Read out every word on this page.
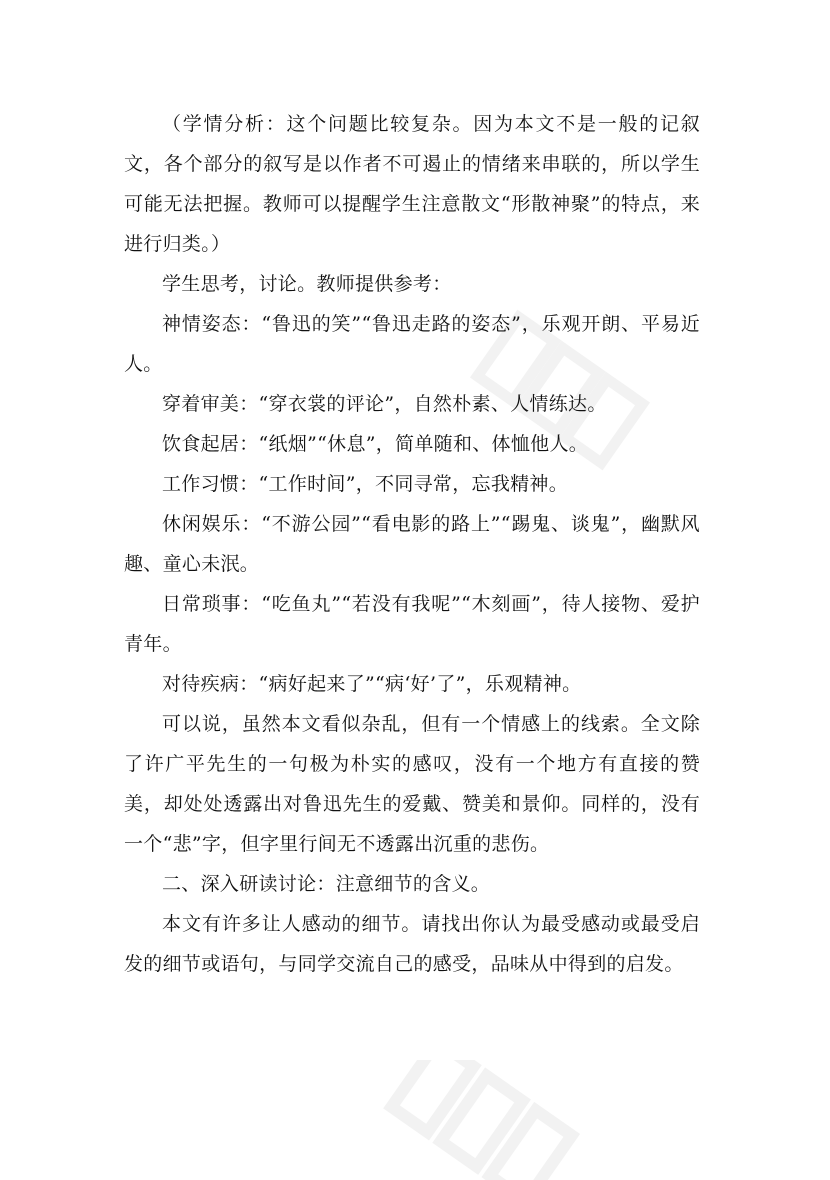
（学情分析：这个问题比较复杂。因为本文不是一般的记叙文，各个部分的叙写是以作者不可遏止的情绪来串联的，所以学生可能无法把握。教师可以提醒学生注意散文“形散神聚”的特点，来进行归类。）

学生思考，讨论。教师提供参考：

神情姿态：“鲁迅的笑”“鲁迅走路的姿态”，乐观开朗、平易近人。

穿着审美：“穿衣裳的评论”，自然朴素、人情练达。

饮食起居：“纸烟”“休息”，简单随和、体恤他人。

工作习惯：“工作时间”，不同寻常，忘我精神。

休闲娱乐：“不游公园”“看电影的路上”“踢鬼、谈鬼”，幽默风趣、童心未泯。

日常琐事：“吃鱼丸”“若没有我呢”“木刻画”，待人接物、爱护青年。

对待疾病：“病好起来了”“病‘好’了”，乐观精神。

可以说，虽然本文看似杂乱，但有一个情感上的线索。全文除了许广平先生的一句极为朴实的感叹，没有一个地方有直接的赞美，却处处透露出对鲁迅先生的爱戴、赞美和景仰。同样的，没有一个“悲”字，但字里行间无不透露出沉重的悲伤。

二、深入研读讨论：注意细节的含义。

本文有许多让人感动的细节。请找出你认为最受感动或最受启发的细节或语句，与同学交流自己的感受，品味从中得到的启发。
